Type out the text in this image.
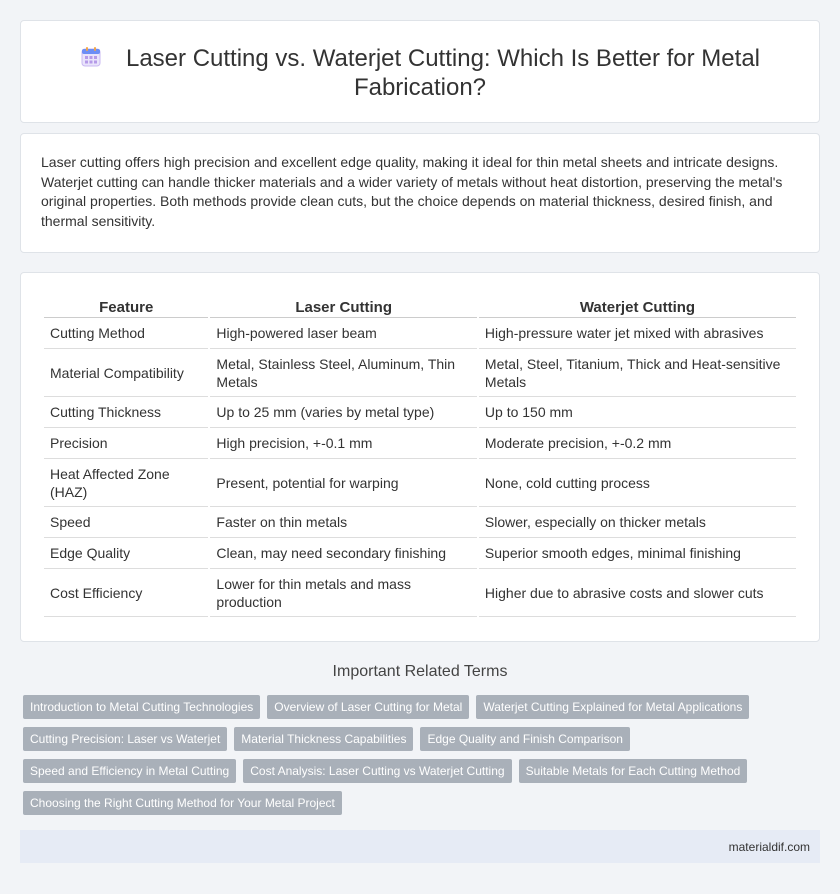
Laser Cutting vs. Waterjet Cutting: Which Is Better for Metal Fabrication?

Laser cutting offers high precision and excellent edge quality, making it ideal for thin metal sheets and intricate designs. Waterjet cutting can handle thicker materials and a wider variety of metals without heat distortion, preserving the metal's original properties. Both methods provide clean cuts, but the choice depends on material thickness, desired finish, and thermal sensitivity.

Feature	Laser Cutting	Waterjet Cutting
Cutting Method	High-powered laser beam	High-pressure water jet mixed with abrasives
Material Compatibility	Metal, Stainless Steel, Aluminum, Thin Metals	Metal, Steel, Titanium, Thick and Heat-sensitive Metals
Cutting Thickness	Up to 25 mm (varies by metal type)	Up to 150 mm
Precision	High precision, +-0.1 mm	Moderate precision, +-0.2 mm
Heat Affected Zone (HAZ)	Present, potential for warping	None, cold cutting process
Speed	Faster on thin metals	Slower, especially on thicker metals
Edge Quality	Clean, may need secondary finishing	Superior smooth edges, minimal finishing
Cost Efficiency	Lower for thin metals and mass production	Higher due to abrasive costs and slower cuts
Important Related Terms
Introduction to Metal Cutting Technologies	Overview of Laser Cutting for Metal	Waterjet Cutting Explained for Metal Applications
Cutting Precision: Laser vs Waterjet	Material Thickness Capabilities	Edge Quality and Finish Comparison
Speed and Efficiency in Metal Cutting	Cost Analysis: Laser Cutting vs Waterjet Cutting	Suitable Metals for Each Cutting Method
Choosing the Right Cutting Method for Your Metal Project
materialdif.com
